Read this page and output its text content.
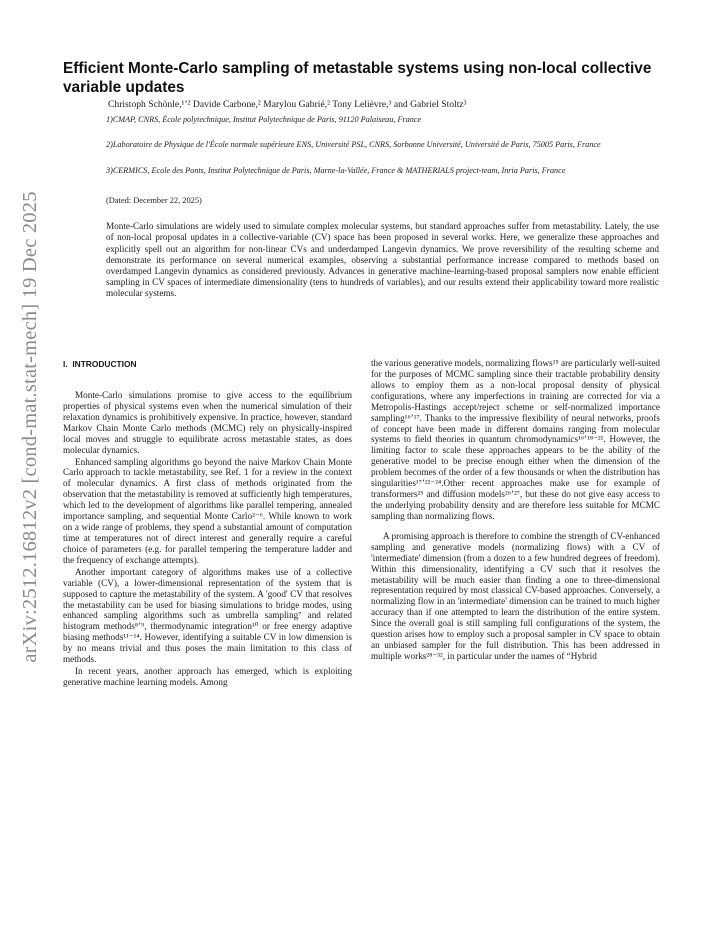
arXiv:2512.16812v2 [cond-mat.stat-mech] 19 Dec 2025
Efficient Monte-Carlo sampling of metastable systems using non-local collective variable updates
Christoph Schönle,¹ʼ² Davide Carbone,² Marylou Gabrié,² Tony Lelièvre,³ and Gabriel Stoltz³
1)CMAP, CNRS, École polytechnique, Institut Polytechnique de Paris, 91120 Palaiseau, France
2)Laboratoire de Physique de l'École normale supérieure ENS, Université PSL, CNRS, Sorbonne Université, Université de Paris, 75005 Paris, France
3)CERMICS, Ecole des Ponts, Institut Polytechnique de Paris, Marne-la-Vallée, France & MATHERIALS project-team, Inria Paris, France
(Dated: December 22, 2025)

Monte-Carlo simulations are widely used to simulate complex molecular systems, but standard approaches suffer from metastability. Lately, the use of non-local proposal updates in a collective-variable (CV) space has been proposed in several works. Here, we generalize these approaches and explicitly spell out an algorithm for non-linear CVs and underdamped Langevin dynamics. We prove reversibility of the resulting scheme and demonstrate its performance on several numerical examples, observing a substantial performance increase compared to methods based on overdamped Langevin dynamics as considered previously. Advances in generative machine-learning-based proposal samplers now enable efficient sampling in CV spaces of intermediate dimensionality (tens to hundreds of variables), and our results extend their applicability toward more realistic molecular systems.

I. INTRODUCTION

Monte-Carlo simulations promise to give access to the equilibrium properties of physical systems even when the numerical simulation of their relaxation dynamics is prohibitively expensive. In practice, however, standard Markov Chain Monte Carlo methods (MCMC) rely on physically-inspired local moves and struggle to equilibrate across metastable states, as does molecular dynamics.

Enhanced sampling algorithms go beyond the naive Markov Chain Monte Carlo approach to tackle metastability, see Ref. 1 for a review in the context of molecular dynamics. A first class of methods originated from the observation that the metastability is removed at sufficiently high temperatures, which led to the development of algorithms like parallel tempering, annealed importance sampling, and sequential Monte Carlo²⁻⁶. While known to work on a wide range of problems, they spend a substantial amount of computation time at temperatures not of direct interest and generally require a careful choice of parameters (e.g. for parallel tempering the temperature ladder and the frequency of exchange attempts).

Another important category of algorithms makes use of a collective variable (CV), a lower-dimensional representation of the system that is supposed to capture the metastability of the system. A 'good' CV that resolves the metastability can be used for biasing simulations to bridge modes, using enhanced sampling algorithms such as umbrella sampling⁷ and related histogram methods⁸ʼ⁹, thermodynamic integration¹⁰ or free energy adaptive biasing methods¹¹⁻¹⁴. However, identifying a suitable CV in low dimension is by no means trivial and thus poses the main limitation to this class of methods.

In recent years, another approach has emerged, which is exploiting generative machine learning models. Among

the various generative models, normalizing flows¹⁵ are particularly well-suited for the purposes of MCMC sampling since their tractable probability density allows to employ them as a non-local proposal density of physical configurations, where any imperfections in training are corrected for via a Metropolis-Hastings accept/reject scheme or self-normalized importance sampling¹⁶ʼ¹⁷. Thanks to the impressive flexibility of neural networks, proofs of concept have been made in different domains ranging from molecular systems to field theories in quantum chromodynamics¹⁶ʼ¹⁸⁻²¹. However, the limiting factor to scale these approaches appears to be the ability of the generative model to be precise enough either when the dimension of the problem becomes of the order of a few thousands or when the distribution has singularities¹⁷ʼ²²⁻²⁴.Other recent approaches make use for example of transformers²⁵ and diffusion models²⁶ʼ²⁷, but these do not give easy access to the underlying probability density and are therefore less suitable for MCMC sampling than normalizing flows.

A promising approach is therefore to combine the strength of CV-enhanced sampling and generative models (normalizing flows) with a CV of 'intermediate' dimension (from a dozen to a few hundred degrees of freedom). Within this dimensionality, identifying a CV such that it resolves the metastability will be much easier than finding a one to three-dimensional representation required by most classical CV-based approaches. Conversely, a normalizing flow in an 'intermediate' dimension can be trained to much higher accuracy than if one attempted to learn the distribution of the entire system. Since the overall goal is still sampling full configurations of the system, the question arises how to employ such a proposal sampler in CV space to obtain an unbiased sampler for the full distribution. This has been addressed in multiple works²⁸⁻³², in particular under the names of “Hybrid
